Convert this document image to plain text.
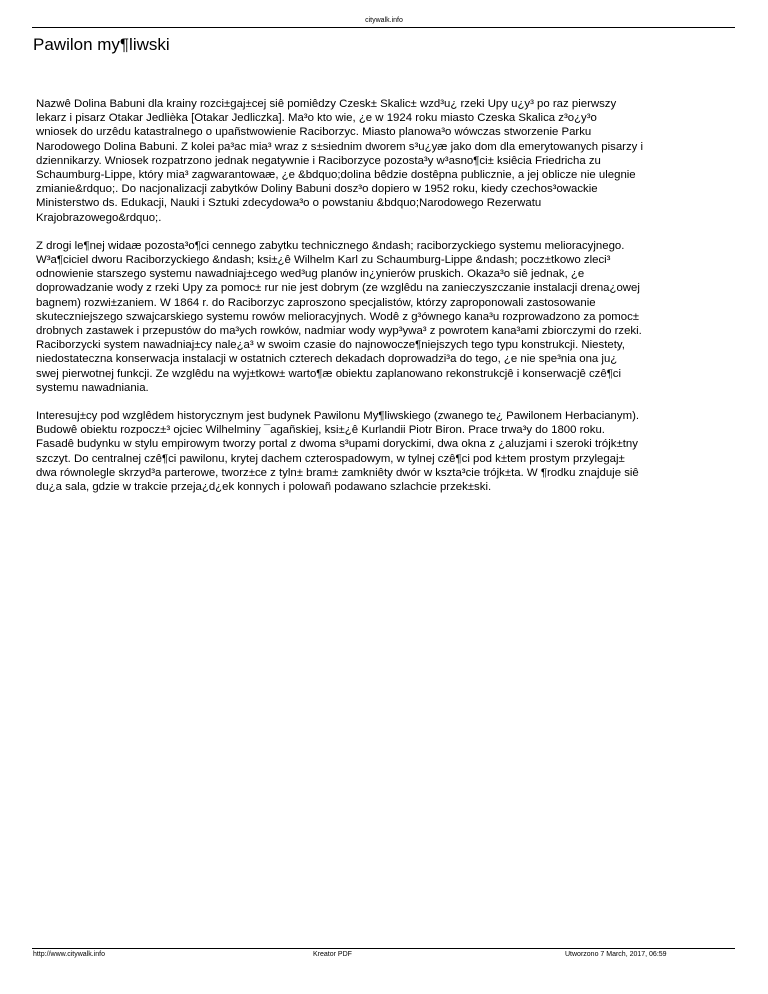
citywalk.info
Pawilon my¶liwski

Nazwê Dolina Babuni dla krainy rozci±gaj±cej siê pomiêdzy Czesk± Skalic± wzd³u¿ rzeki Upy u¿y³ po raz pierwszy
lekarz i pisarz Otakar Jedlièka [Otakar Jedliczka]. Ma³o kto wie, ¿e w 1924 roku miasto Czeska Skalica z³o¿y³o
wniosek do urzêdu katastralnego o upañstwowienie Raciborzyc. Miasto planowa³o wówczas stworzenie Parku
Narodowego Dolina Babuni. Z kolei pa³ac mia³ wraz z s±siednim dworem s³u¿yæ jako dom dla emerytowanych pisarzy i
dziennikarzy. Wniosek rozpatrzono jednak negatywnie i Raciborzyce pozosta³y w³asno¶ci± ksiêcia Friedricha zu
Schaumburg-Lippe, który mia³ zagwarantowaæ, ¿e &bdquo;dolina bêdzie dostêpna publicznie, a jej oblicze nie ulegnie
zmianie&rdquo;. Do nacjonalizacji zabytków Doliny Babuni dosz³o dopiero w 1952 roku, kiedy czechos³owackie
Ministerstwo ds. Edukacji, Nauki i Sztuki zdecydowa³o o powstaniu &bdquo;Narodowego Rezerwatu
Krajobrazowego&rdquo;.

Z drogi le¶nej widaæ pozosta³o¶ci cennego zabytku technicznego &ndash; raciborzyckiego systemu melioracyjnego.
W³a¶ciciel dworu Raciborzyckiego &ndash; ksi±¿ê Wilhelm Karl zu Schaumburg-Lippe &ndash; pocz±tkowo zleci³
odnowienie starszego systemu nawadniaj±cego wed³ug planów in¿ynierów pruskich. Okaza³o siê jednak, ¿e
doprowadzanie wody z rzeki Upy za pomoc± rur nie jest dobrym (ze wzglêdu na zanieczyszczanie instalacji drena¿owej
bagnem) rozwi±zaniem. W 1864 r. do Raciborzyc zaproszono specjalistów, którzy zaproponowali zastosowanie
skuteczniejszego szwajcarskiego systemu rowów melioracyjnych. Wodê z g³ównego kana³u rozprowadzono za pomoc±
drobnych zastawek i przepustów do ma³ych rowków, nadmiar wody wyp³ywa³ z powrotem kana³ami zbiorczymi do rzeki.
Raciborzycki system nawadniaj±cy nale¿a³ w swoim czasie do najnowocze¶niejszych tego typu konstrukcji. Niestety,
niedostateczna konserwacja instalacji w ostatnich czterech dekadach doprowadzi³a do tego, ¿e nie spe³nia ona ju¿
swej pierwotnej funkcji. Ze wzglêdu na wyj±tkow± warto¶æ obiektu zaplanowano rekonstrukcjê i konserwacjê czê¶ci
systemu nawadniania.

Interesuj±cy pod wzglêdem historycznym jest budynek Pawilonu My¶liwskiego (zwanego te¿ Pawilonem Herbacianym).
Budowê obiektu rozpocz±³ ojciec Wilhelminy ¯agañskiej, ksi±¿ê Kurlandii Piotr Biron. Prace trwa³y do 1800 roku.
Fasadê budynku w stylu empirowym tworzy portal z dwoma s³upami doryckimi, dwa okna z ¿aluzjami i szeroki trójk±tny
szczyt. Do centralnej czê¶ci pawilonu, krytej dachem czterospadowym, w tylnej czê¶ci pod k±tem prostym przylegaj±
dwa równolegle skrzyd³a parterowe, tworz±ce z tyln± bram± zamkniêty dwór w kszta³cie trójk±ta. W ¶rodku znajduje siê
du¿a sala, gdzie w trakcie przeja¿d¿ek konnych i polowañ podawano szlachcie przek±ski.

http://www.citywalk.info	Kreator PDF	Utworzono 7 March, 2017, 06:59
